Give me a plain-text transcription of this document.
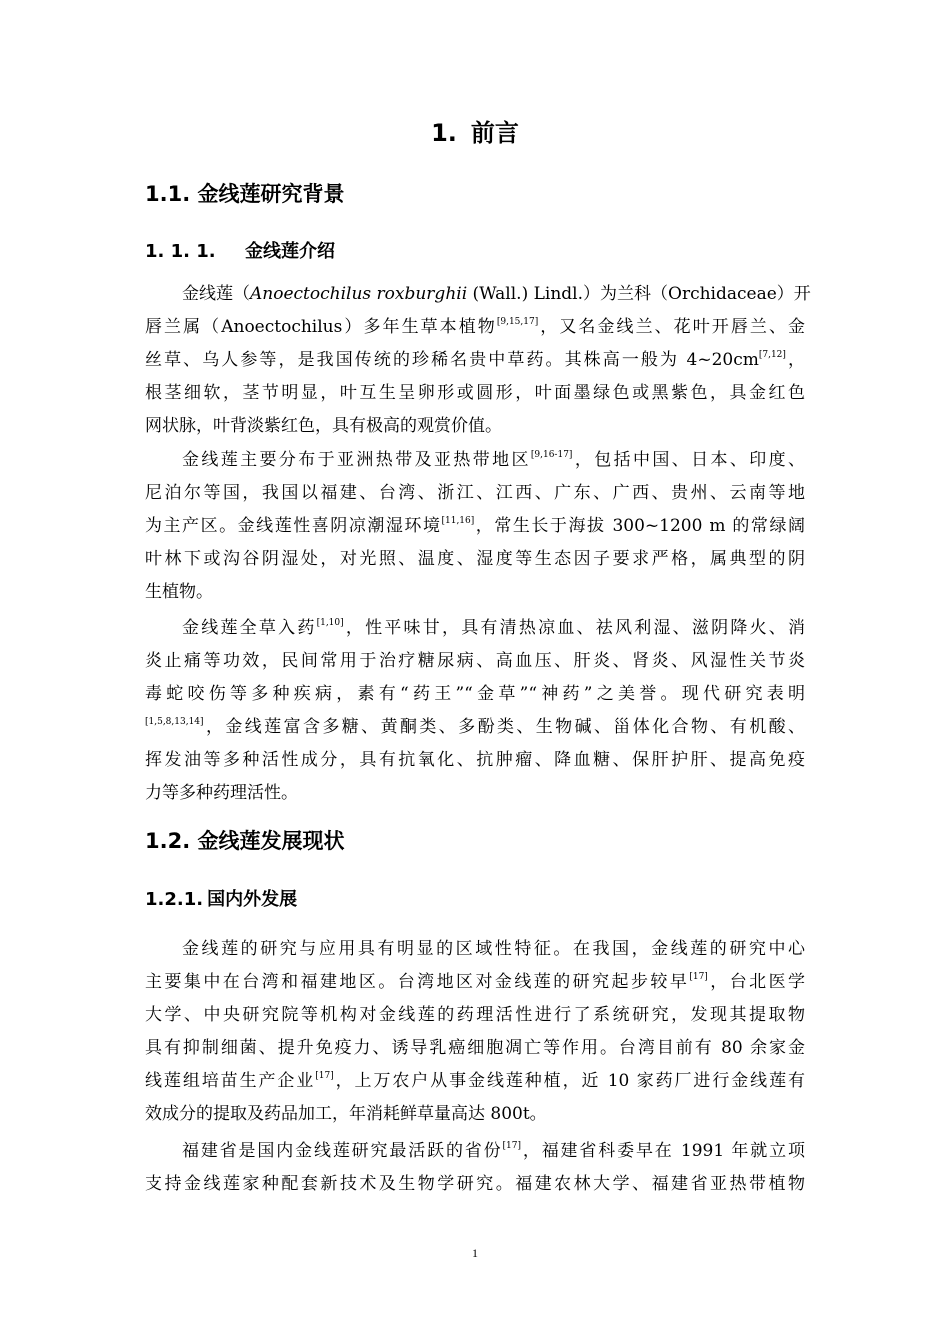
1. 前言
1.1. 金线莲研究背景
1. 1. 1. 金线莲介绍
金线莲（Anoectochilus roxburghii (Wall.) Lindl.）为兰科（Orchidaceae）开
唇兰属（Anoectochilus）多年生草本植物[9,15,17]，又名金线兰、花叶开唇兰、金
丝草、乌人参等，是我国传统的珍稀名贵中草药。其株高一般为 4~20cm[7,12]，
根茎细软，茎节明显，叶互生呈卵形或圆形，叶面墨绿色或黑紫色，具金红色
网状脉，叶背淡紫红色，具有极高的观赏价值。
金线莲主要分布于亚洲热带及亚热带地区[9,16-17]，包括中国、日本、印度、
尼泊尔等国，我国以福建、台湾、浙江、江西、广东、广西、贵州、云南等地
为主产区。金线莲性喜阴凉潮湿环境[11,16]，常生长于海拔 300~1200 m 的常绿阔
叶林下或沟谷阴湿处，对光照、温度、湿度等生态因子要求严格，属典型的阴
生植物。
金线莲全草入药[1,10]，性平味甘，具有清热凉血、祛风利湿、滋阴降火、消
炎止痛等功效，民间常用于治疗糖尿病、高血压、肝炎、肾炎、风湿性关节炎
毒蛇咬伤等多种疾病，素有“药王”“金草”“神药”之美誉。现代研究表明
[1,5,8,13,14]，金线莲富含多糖、黄酮类、多酚类、生物碱、甾体化合物、有机酸、
挥发油等多种活性成分，具有抗氧化、抗肿瘤、降血糖、保肝护肝、提高免疫
力等多种药理活性。
1.2. 金线莲发展现状
1.2.1. 国内外发展
金线莲的研究与应用具有明显的区域性特征。在我国，金线莲的研究中心
主要集中在台湾和福建地区。台湾地区对金线莲的研究起步较早[17]，台北医学
大学、中央研究院等机构对金线莲的药理活性进行了系统研究，发现其提取物
具有抑制细菌、提升免疫力、诱导乳癌细胞凋亡等作用。台湾目前有 80 余家金
线莲组培苗生产企业[17]，上万农户从事金线莲种植，近 10 家药厂进行金线莲有
效成分的提取及药品加工，年消耗鲜草量高达 800t。
福建省是国内金线莲研究最活跃的省份[17]，福建省科委早在 1991 年就立项
支持金线莲家种配套新技术及生物学研究。福建农林大学、福建省亚热带植物
1
